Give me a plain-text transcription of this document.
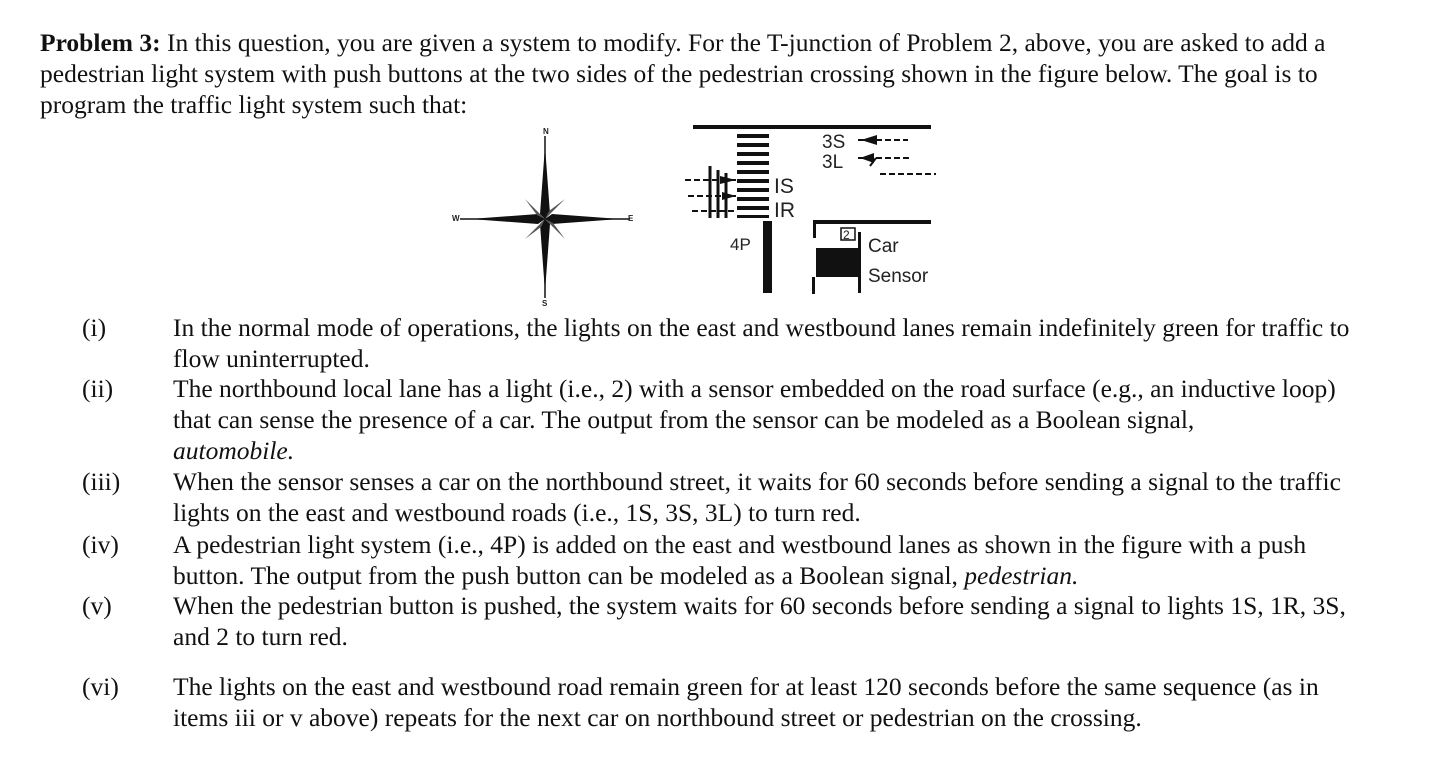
Problem 3: In this question, you are given a system to modify. For the T-junction of Problem 2, above, you are asked to add a pedestrian light system with push buttons at the two sides of the pedestrian crossing shown in the figure below. The goal is to program the traffic light system such that:

N
S
E
W
3S
3L
IS
IR
4P	2
Car
Sensor
(i)	In the normal mode of operations, the lights on the east and westbound lanes remain indefinitely green for traffic to flow uninterrupted.
(ii) The northbound local lane has a light (i.e., 2) with a sensor embedded on the road surface (e.g., an inductive loop) that can sense the presence of a car. The output from the sensor can be modeled as a Boolean signal,
automobile.
(iii) When the sensor senses a car on the northbound street, it waits for 60 seconds before sending a signal to the traffic lights on the east and westbound roads (i.e., 1S, 3S, 3L) to turn red.
(iv) A pedestrian light system (i.e., 4P) is added on the east and westbound lanes as shown in the figure with a push button. The output from the push button can be modeled as a Boolean signal, pedestrian.
(v) When the pedestrian button is pushed, the system waits for 60 seconds before sending a signal to lights 1S, 1R, 3S, and 2 to turn red.
(vi) The lights on the east and westbound road remain green for at least 120 seconds before the same sequence (as in items iii or v above) repeats for the next car on northbound street or pedestrian on the crossing.
